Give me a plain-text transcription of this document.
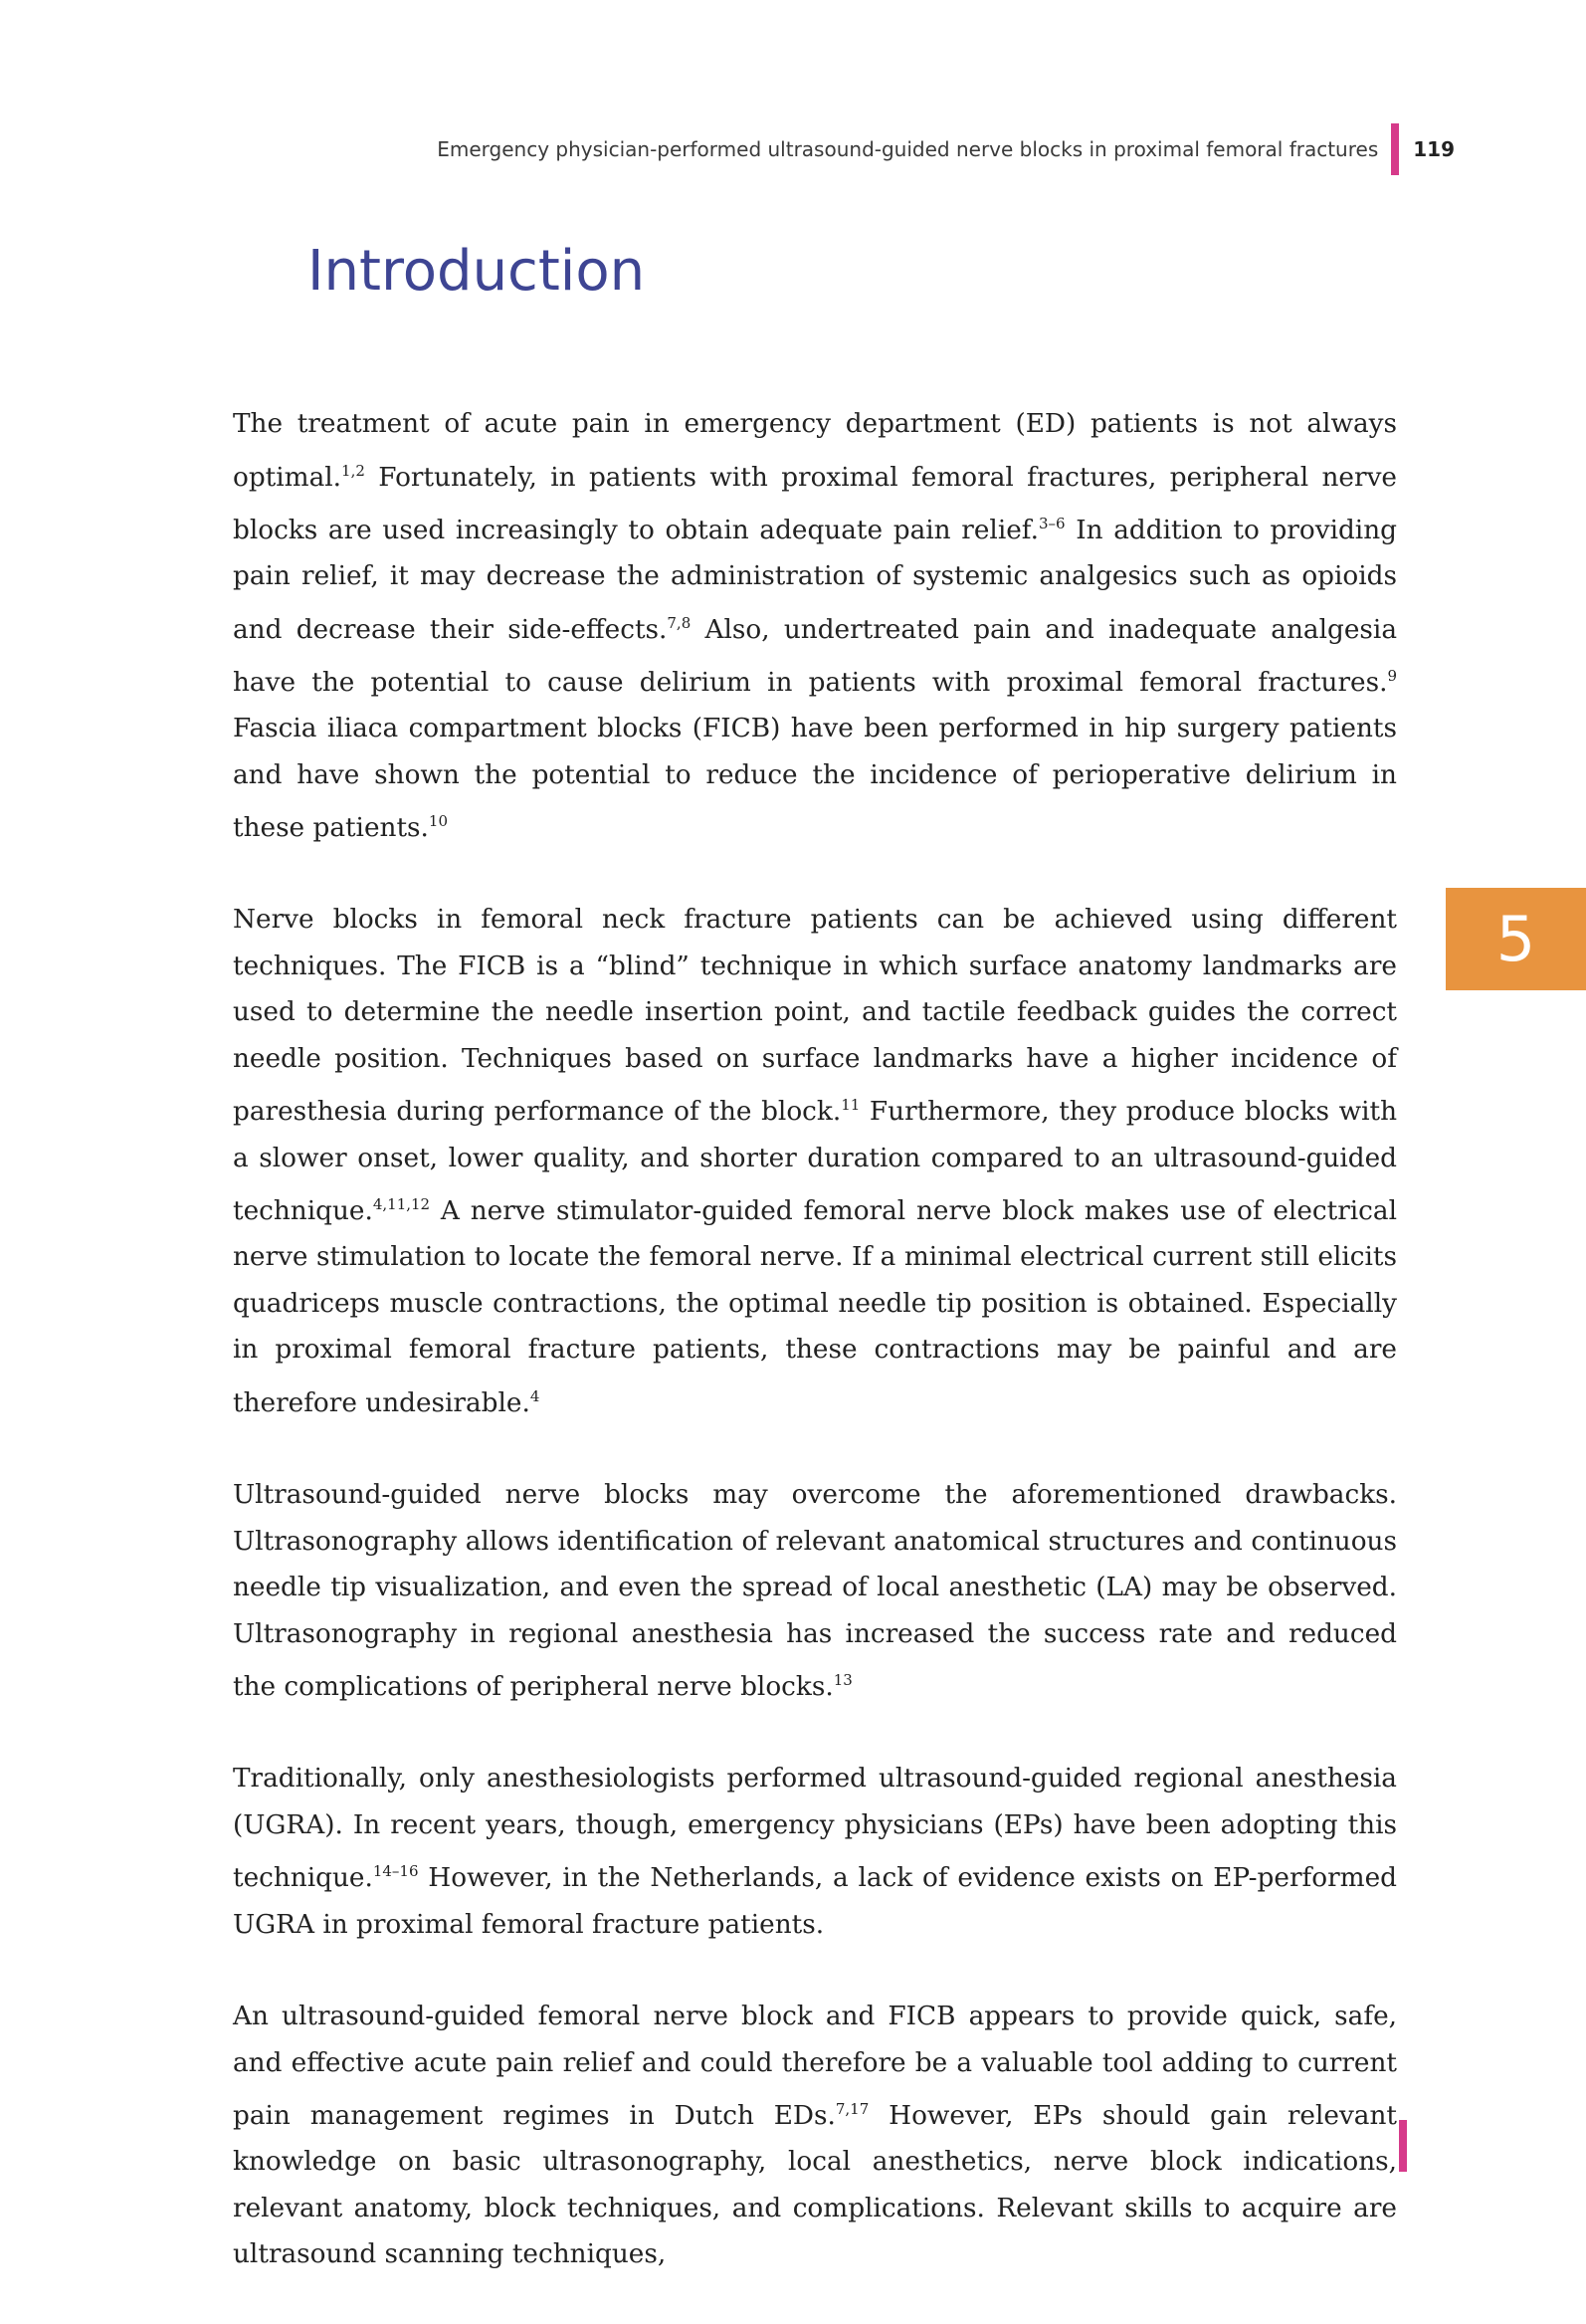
Emergency physician-performed ultrasound-guided nerve blocks in proximal femoral fractures 119
Introduction
5

The treatment of acute pain in emergency department (ED) patients is not always optimal.$^{1,2}$ Fortunately, in patients with proximal femoral fractures, peripheral nerve blocks are used increasingly to obtain adequate pain relief.$^{3-6}$ In addition to providing pain relief, it may decrease the administration of systemic analgesics such as opioids and decrease their side-effects.$^{7,8}$ Also, undertreated pain and inadequate analgesia have the potential to cause delirium in patients with proximal femoral fractures.$^9$ Fascia iliaca compartment blocks (FICB) have been performed in hip surgery patients and have shown the potential to reduce the incidence of perioperative delirium in these patients.$^{10}$

Nerve blocks in femoral neck fracture patients can be achieved using different techniques. The FICB is a “blind” technique in which surface anatomy landmarks are used to determine the needle insertion point, and tactile feedback guides the correct needle position. Techniques based on surface landmarks have a higher incidence of paresthesia during performance of the block.$^{11}$ Furthermore, they produce blocks with a slower onset, lower quality, and shorter duration compared to an ultrasound-guided technique.$^{4,11,12}$ A nerve stimulator-guided femoral nerve block makes use of electrical nerve stimulation to locate the femoral nerve. If a minimal electrical current still elicits quadriceps muscle contractions, the optimal needle tip position is obtained. Especially in proximal femoral fracture patients, these contractions may be painful and are therefore undesirable.$^4$

Ultrasound-guided nerve blocks may overcome the aforementioned drawbacks. Ultrasonography allows identification of relevant anatomical structures and continuous needle tip visualization, and even the spread of local anesthetic (LA) may be observed. Ultrasonography in regional anesthesia has increased the success rate and reduced the complications of peripheral nerve blocks.$^{13}$

Traditionally, only anesthesiologists performed ultrasound-guided regional anesthesia (UGRA). In recent years, though, emergency physicians (EPs) have been adopting this technique.$^{14-16}$ However, in the Netherlands, a lack of evidence exists on EP-performed UGRA in proximal femoral fracture patients.

An ultrasound-guided femoral nerve block and FICB appears to provide quick, safe, and effective acute pain relief and could therefore be a valuable tool adding to current pain management regimes in Dutch EDs.$^{7,17}$ However, EPs should gain relevant knowledge on basic ultrasonography, local anesthetics, nerve block indications, relevant anatomy, block techniques, and complications. Relevant skills to acquire are ultrasound scanning techniques,
